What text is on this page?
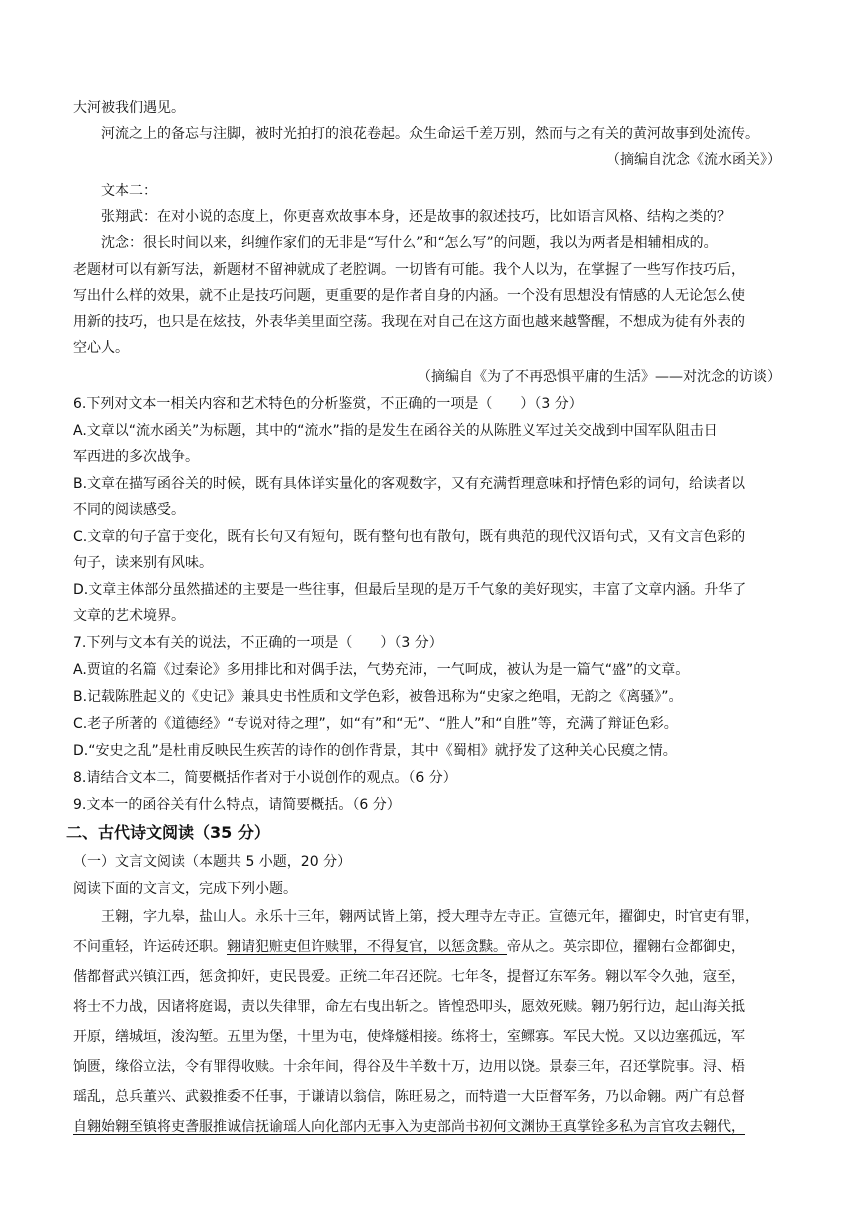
大河被我们遇见。
河流之上的备忘与注脚，被时光拍打的浪花卷起。众生命运千差万别，然而与之有关的黄河故事到处流传。
（摘编自沈念《流水函关》）
文本二：
张翔武：在对小说的态度上，你更喜欢故事本身，还是故事的叙述技巧，比如语言风格、结构之类的？
沈念：很长时间以来，纠缠作家们的无非是“写什么”和“怎么写”的问题，我以为两者是相辅相成的。
老题材可以有新写法，新题材不留神就成了老腔调。一切皆有可能。我个人以为，在掌握了一些写作技巧后，
写出什么样的效果，就不止是技巧问题，更重要的是作者自身的内涵。一个没有思想没有情感的人无论怎么使
用新的技巧，也只是在炫技，外表华美里面空荡。我现在对自己在这方面也越来越警醒，不想成为徒有外表的
空心人。
（摘编自《为了不再恐惧平庸的生活》——对沈念的访谈）
6.下列对文本一相关内容和艺术特色的分析鉴赏，不正确的一项是（　　）（3 分）
A.文章以“流水函关”为标题，其中的“流水”指的是发生在函谷关的从陈胜义军过关交战到中国军队阻击日
军西进的多次战争。
B.文章在描写函谷关的时候，既有具体详实量化的客观数字，又有充满哲理意味和抒情色彩的词句，给读者以
不同的阅读感受。
C.文章的句子富于变化，既有长句又有短句，既有整句也有散句，既有典范的现代汉语句式，又有文言色彩的
句子，读来别有风味。
D.文章主体部分虽然描述的主要是一些往事，但最后呈现的是万千气象的美好现实，丰富了文章内涵。升华了
文章的艺术境界。
7.下列与文本有关的说法，不正确的一项是（　　）（3 分）
A.贾谊的名篇《过秦论》多用排比和对偶手法，气势充沛，一气呵成，被认为是一篇气“盛”的文章。
B.记载陈胜起义的《史记》兼具史书性质和文学色彩，被鲁迅称为“史家之绝唱，无韵之《离骚》”。
C.老子所著的《道德经》“专说对待之理”，如“有”和“无”、“胜人”和“自胜”等，充满了辩证色彩。
D.“安史之乱”是杜甫反映民生疾苦的诗作的创作背景，其中《蜀相》就抒发了这种关心民瘼之情。
8.请结合文本二，简要概括作者对于小说创作的观点。（6 分）
9.文本一的函谷关有什么特点，请简要概括。（6 分）
二、古代诗文阅读（35 分）
（一）文言文阅读（本题共 5 小题，20 分）
阅读下面的文言文，完成下列小题。
王翱，字九皋，盐山人。永乐十三年，翱两试皆上第，授大理寺左寺正。宣德元年，擢御史，时官吏有罪，
不问重轻，许运砖还职。翱请犯赃吏但许赎罪，不得复官，以惩贪黩。帝从之。英宗即位，擢翱右佥都御史，
偕都督武兴镇江西，惩贪抑奸，吏民畏爱。正统二年召还院。七年冬，提督辽东军务。翱以军令久弛，寇至，
将士不力战，因诸将庭谒，责以失律罪，命左右曳出斩之。皆惶恐叩头，愿效死赎。翱乃躬行边，起山海关抵
开原，缮城垣，浚沟堑。五里为堡，十里为屯，使烽燧相接。练将士，室鳏寡。军民大悦。又以边塞孤远，军
饷匮，缘俗立法，令有罪得收赎。十余年间，得谷及牛羊数十万，边用以饶。景泰三年，召还掌院事。浔、梧
瑶乱，总兵董兴、武毅推委不任事，于谦请以翁信，陈旺易之，而特遣一大臣督军务，乃以命翱。两广有总督
自翱始翱至镇将吏詟服推诚信抚谕瑶人向化部内无事入为吏部尚书初何文渊协王真掌铨多私为言官攻去翱代，
